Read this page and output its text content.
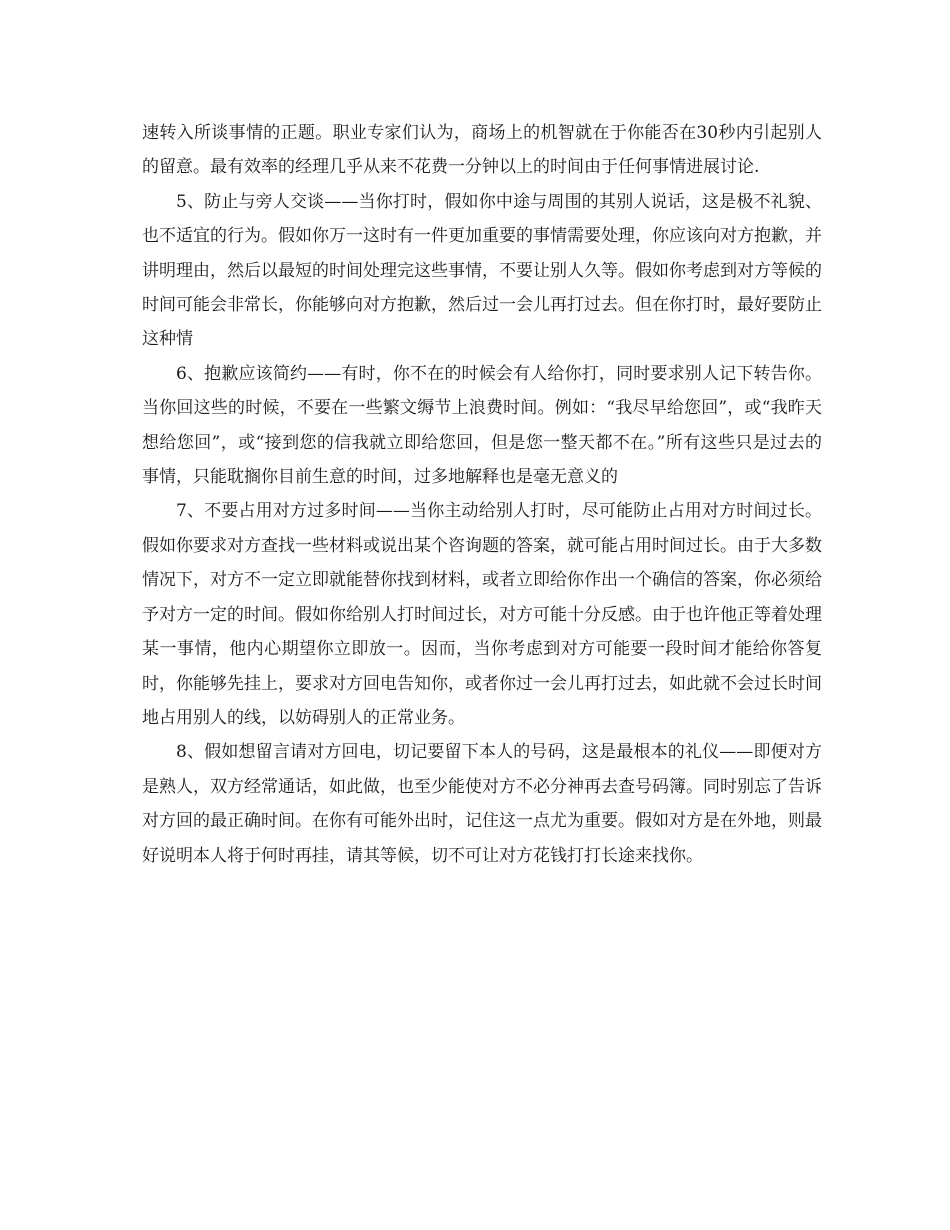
速转入所谈事情的正题。职业专家们认为，商场上的机智就在于你能否在30秒内引起别人的留意。最有效率的经理几乎从来不花费一分钟以上的时间由于任何事情进展讨论.

5、防止与旁人交谈——当你打时，假如你中途与周围的其别人说话，这是极不礼貌、也不适宜的行为。假如你万一这时有一件更加重要的事情需要处理，你应该向对方抱歉，并讲明理由，然后以最短的时间处理完这些事情，不要让别人久等。假如你考虑到对方等候的时间可能会非常长，你能够向对方抱歉，然后过一会儿再打过去。但在你打时，最好要防止这种情

6、抱歉应该简约——有时，你不在的时候会有人给你打，同时要求别人记下转告你。当你回这些的时候，不要在一些繁文缛节上浪费时间。例如：“我尽早给您回”，或“我昨天想给您回”，或“接到您的信我就立即给您回，但是您一整天都不在。”所有这些只是过去的事情，只能耽搁你目前生意的时间，过多地解释也是毫无意义的

7、不要占用对方过多时间——当你主动给别人打时，尽可能防止占用对方时间过长。假如你要求对方查找一些材料或说出某个咨询题的答案，就可能占用时间过长。由于大多数情况下，对方不一定立即就能替你找到材料，或者立即给你作出一个确信的答案，你必须给予对方一定的时间。假如你给别人打时间过长，对方可能十分反感。由于也许他正等着处理某一事情，他内心期望你立即放一。因而，当你考虑到对方可能要一段时间才能给你答复时，你能够先挂上，要求对方回电告知你，或者你过一会儿再打过去，如此就不会过长时间地占用别人的线，以妨碍别人的正常业务。

8、假如想留言请对方回电，切记要留下本人的号码，这是最根本的礼仪——即便对方是熟人，双方经常通话，如此做，也至少能使对方不必分神再去查号码簿。同时别忘了告诉对方回的最正确时间。在你有可能外出时，记住这一点尤为重要。假如对方是在外地，则最好说明本人将于何时再挂，请其等候，切不可让对方花钱打打长途来找你。
